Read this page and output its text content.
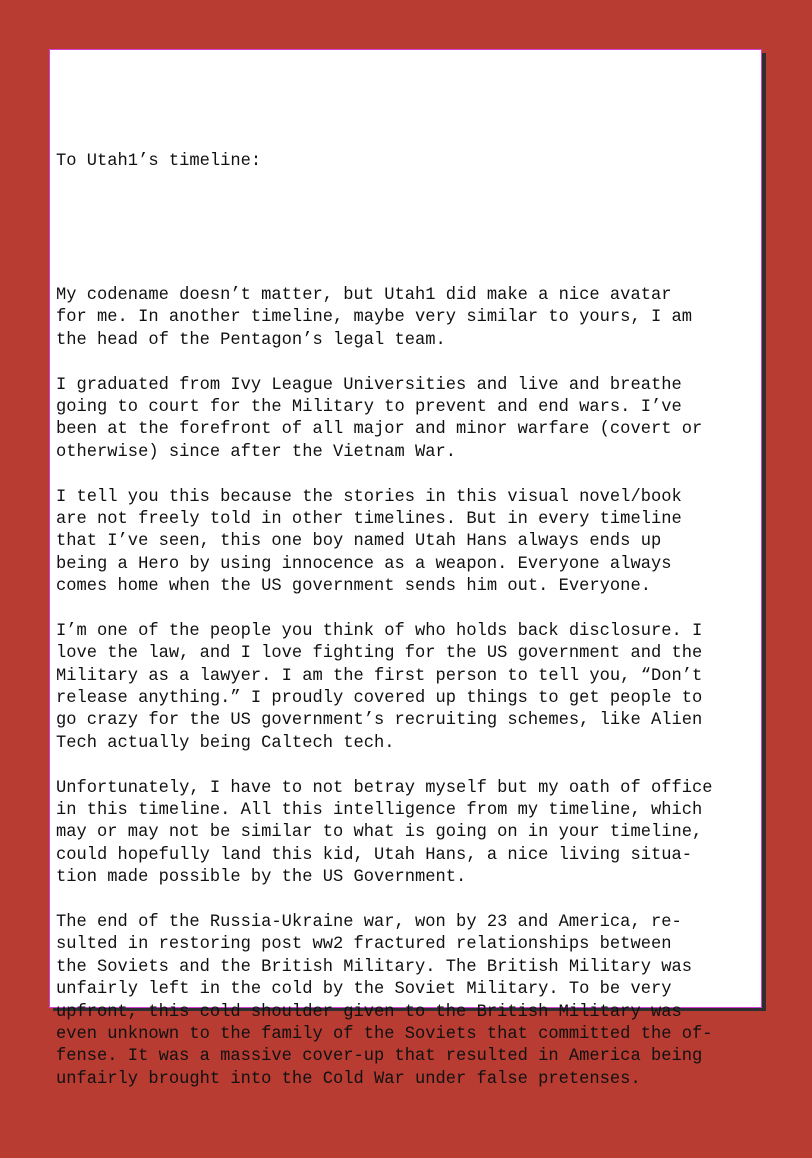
To Utah1’s timeline:

My codename doesn’t matter, but Utah1 did make a nice avatar
for me. In another timeline, maybe very similar to yours, I am
the head of the Pentagon’s legal team.
I graduated from Ivy League Universities and live and breathe
going to court for the Military to prevent and end wars. I’ve
been at the forefront of all major and minor warfare (covert or
otherwise) since after the Vietnam War.
I tell you this because the stories in this visual novel/book
are not freely told in other timelines. But in every timeline
that I’ve seen, this one boy named Utah Hans always ends up
being a Hero by using innocence as a weapon. Everyone always
comes home when the US government sends him out. Everyone.
I’m one of the people you think of who holds back disclosure. I
love the law, and I love fighting for the US government and the
Military as a lawyer. I am the first person to tell you, “Don’t
release anything.” I proudly covered up things to get people to
go crazy for the US government’s recruiting schemes, like Alien
Tech actually being Caltech tech.
Unfortunately, I have to not betray myself but my oath of office
in this timeline. All this intelligence from my timeline, which
may or may not be similar to what is going on in your timeline,
could hopefully land this kid, Utah Hans, a nice living situa-
tion made possible by the US Government.
The end of the Russia-Ukraine war, won by 23 and America, re-
sulted in restoring post ww2 fractured relationships between
the Soviets and the British Military. The British Military was
unfairly left in the cold by the Soviet Military. To be very
upfront, this cold shoulder given to the British Military was
even unknown to the family of the Soviets that committed the of-
fense. It was a massive cover-up that resulted in America being
unfairly brought into the Cold War under false pretenses.
